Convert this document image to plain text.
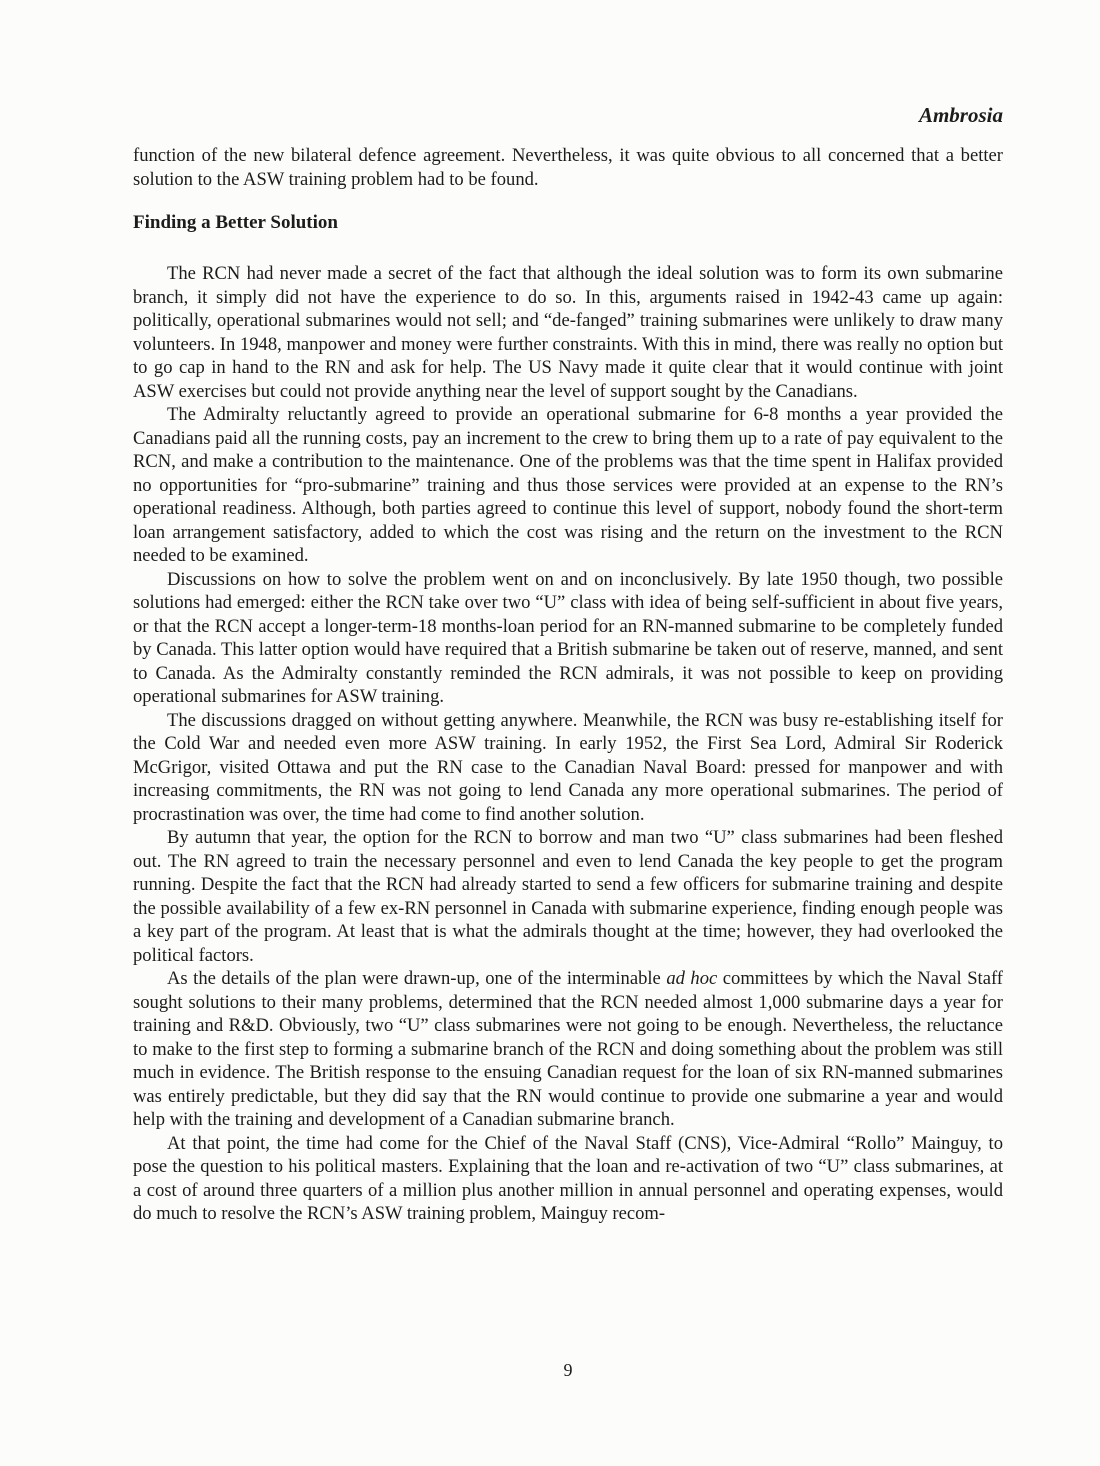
Ambrosia

function of the new bilateral defence agreement. Nevertheless, it was quite obvious to all concerned that a better solution to the ASW training problem had to be found.

Finding a Better Solution

The RCN had never made a secret of the fact that although the ideal solution was to form its own submarine branch, it simply did not have the experience to do so. In this, arguments raised in 1942-43 came up again: politically, operational submarines would not sell; and “de-fanged” training submarines were unlikely to draw many volunteers. In 1948, manpower and money were further constraints. With this in mind, there was really no option but to go cap in hand to the RN and ask for help. The US Navy made it quite clear that it would continue with joint ASW exercises but could not provide anything near the level of support sought by the Canadians.

The Admiralty reluctantly agreed to provide an operational submarine for 6-8 months a year provided the Canadians paid all the running costs, pay an increment to the crew to bring them up to a rate of pay equivalent to the RCN, and make a contribution to the maintenance. One of the problems was that the time spent in Halifax provided no opportunities for “pro-submarine” training and thus those services were provided at an expense to the RN’s operational readiness. Although, both parties agreed to continue this level of support, nobody found the short-term loan arrangement satisfactory, added to which the cost was rising and the return on the investment to the RCN needed to be examined.

Discussions on how to solve the problem went on and on inconclusively. By late 1950 though, two possible solutions had emerged: either the RCN take over two “U” class with idea of being self-sufficient in about five years, or that the RCN accept a longer-term-18 months-loan period for an RN-manned submarine to be completely funded by Canada. This latter option would have required that a British submarine be taken out of reserve, manned, and sent to Canada. As the Admiralty constantly reminded the RCN admirals, it was not possible to keep on providing operational submarines for ASW training.

The discussions dragged on without getting anywhere. Meanwhile, the RCN was busy re-establishing itself for the Cold War and needed even more ASW training. In early 1952, the First Sea Lord, Admiral Sir Roderick McGrigor, visited Ottawa and put the RN case to the Canadian Naval Board: pressed for manpower and with increasing commitments, the RN was not going to lend Canada any more operational submarines. The period of procrastination was over, the time had come to find another solution.

By autumn that year, the option for the RCN to borrow and man two “U” class submarines had been fleshed out. The RN agreed to train the necessary personnel and even to lend Canada the key people to get the program running. Despite the fact that the RCN had already started to send a few officers for submarine training and despite the possible availability of a few ex-RN personnel in Canada with submarine experience, finding enough people was a key part of the program. At least that is what the admirals thought at the time; however, they had overlooked the political factors.

As the details of the plan were drawn-up, one of the interminable ad hoc committees by which the Naval Staff sought solutions to their many problems, determined that the RCN needed almost 1,000 submarine days a year for training and R&D. Obviously, two “U” class submarines were not going to be enough. Nevertheless, the reluctance to make to the first step to forming a submarine branch of the RCN and doing something about the problem was still much in evidence. The British response to the ensuing Canadian request for the loan of six RN-manned submarines was entirely predictable, but they did say that the RN would continue to provide one submarine a year and would help with the training and development of a Canadian submarine branch.

At that point, the time had come for the Chief of the Naval Staff (CNS), Vice-Admiral “Rollo” Mainguy, to pose the question to his political masters. Explaining that the loan and re-activation of two “U” class submarines, at a cost of around three quarters of a million plus another million in annual personnel and operating expenses, would do much to resolve the RCN’s ASW training problem, Mainguy recom-

9
